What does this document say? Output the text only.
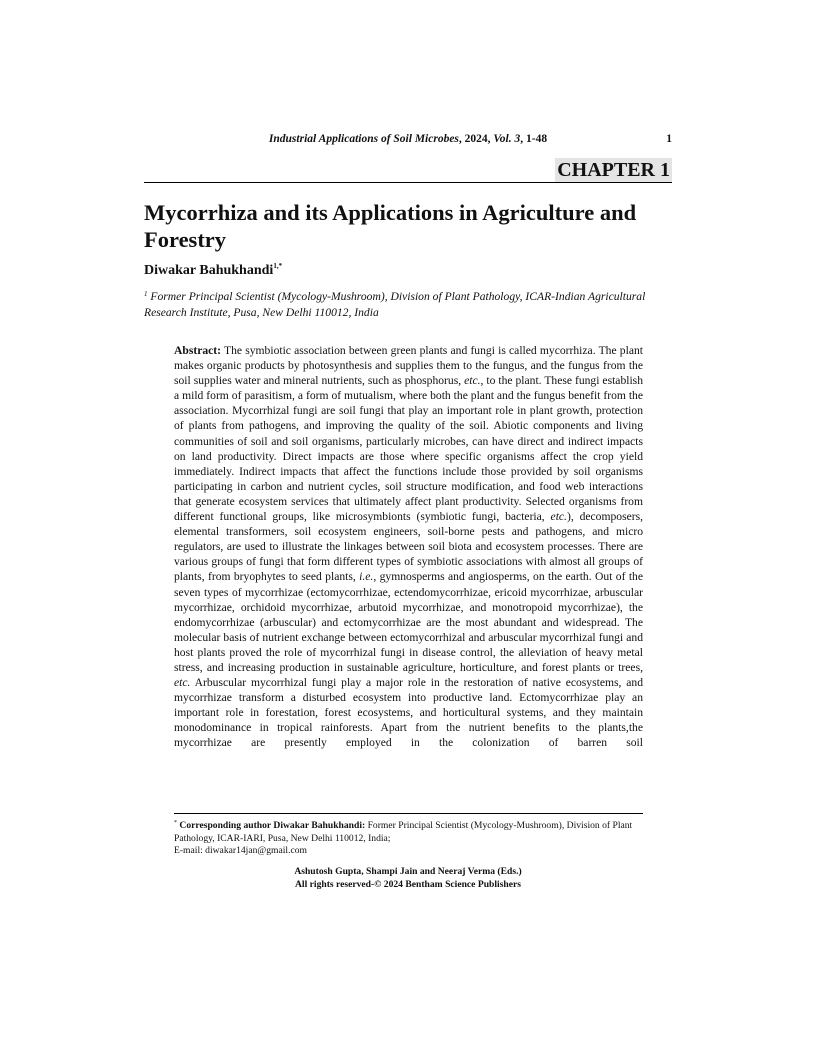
Industrial Applications of Soil Microbes, 2024, Vol. 3, 1-48	1
CHAPTER 1
Mycorrhiza and its Applications in Agriculture and Forestry
Diwakar Bahukhandi$^{1,*}$
$^1$ Former Principal Scientist (Mycology-Mushroom), Division of Plant Pathology, ICAR-Indian Agricultural Research Institute, Pusa, New Delhi 110012, India

Abstract: The symbiotic association between green plants and fungi is called mycorrhiza. The plant makes organic products by photosynthesis and supplies them to the fungus, and the fungus from the soil supplies water and mineral nutrients, such as phosphorus, etc., to the plant. These fungi establish a mild form of parasitism, a form of mutualism, where both the plant and the fungus benefit from the association. Mycorrhizal fungi are soil fungi that play an important role in plant growth, protection of plants from pathogens, and improving the quality of the soil. Abiotic components and living communities of soil and soil organisms, particularly microbes, can have direct and indirect impacts on land productivity. Direct impacts are those where specific organisms affect the crop yield immediately. Indirect impacts that affect the functions include those provided by soil organisms participating in carbon and nutrient cycles, soil structure modification, and food web interactions that generate ecosystem services that ultimately affect plant productivity. Selected organisms from different functional groups, like microsymbionts (symbiotic fungi, bacteria, etc.), decomposers, elemental transformers, soil ecosystem engineers, soil-borne pests and pathogens, and micro regulators, are used to illustrate the linkages between soil biota and ecosystem processes. There are various groups of fungi that form different types of symbiotic associations with almost all groups of plants, from bryophytes to seed plants, i.e., gymnosperms and angiosperms, on the earth. Out of the seven types of mycorrhizae (ectomycorrhizae, ectendomycorrhizae, ericoid mycorrhizae, arbuscular mycorrhizae, orchidoid mycorrhizae, arbutoid mycorrhizae, and monotropoid mycorrhizae), the endomycorrhizae (arbuscular) and ectomycorrhizae are the most abundant and widespread. The molecular basis of nutrient exchange between ectomycorrhizal and arbuscular mycorrhizal fungi and host plants proved the role of mycorrhizal fungi in disease control, the alleviation of heavy metal stress, and increasing production in sustainable agriculture, horticulture, and forest plants or trees, etc. Arbuscular mycorrhizal fungi play a major role in the restoration of native ecosystems, and mycorrhizae transform a disturbed ecosystem into productive land. Ectomycorrhizae play an important role in forestation, forest ecosystems, and horticultural systems, and they maintain monodominance in tropical rainforests. Apart from the nutrient benefits to the plants,the mycorrhizae are presently employed in the colonization of barren soil

* Corresponding author Diwakar Bahukhandi: Former Principal Scientist (Mycology-Mushroom), Division of Plant Pathology, ICAR-IARI, Pusa, New Delhi 110012, India;
E-mail: diwakar14jan@gmail.com
Ashutosh Gupta, Shampi Jain and Neeraj Verma (Eds.)
All rights reserved-© 2024 Bentham Science Publishers
